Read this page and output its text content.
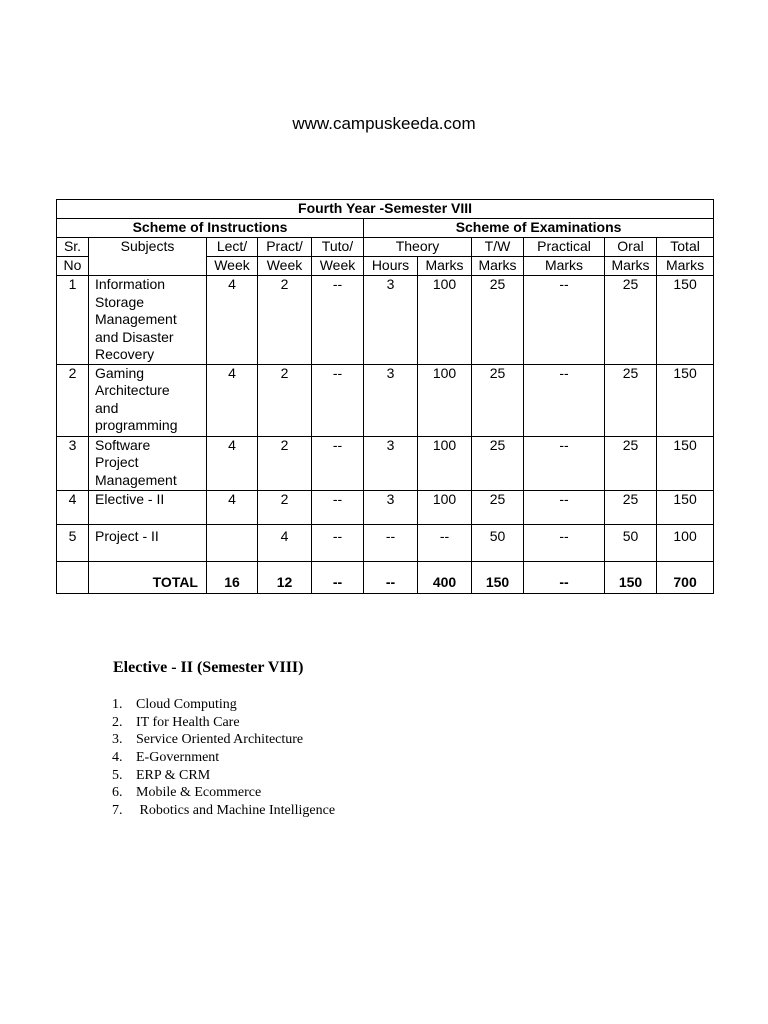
www.campuskeeda.com
Fourth Year -Semester VIII										
Scheme of Instructions					Scheme of Examinations					
Sr.	Subjects	Lect/	Pract/	Tuto/	Theory		T/W	Practical	Oral	Total
No		Week	Week	Week	Hours	Marks	Marks	Marks	Marks	Marks
1	Information
Storage
Management
and Disaster
Recovery	4	2	--	3	100	25	--	25	150
2	Gaming
Architecture
and
programming	4	2	--	3	100	25	--	25	150
3	Software
Project
Management	4	2	--	3	100	25	--	25	150
4	Elective - II	4	2	--	3	100	25	--	25	150
5	Project - II		4	--	--	--	50	--	50	100
	TOTAL	16	12	--	--	400	150	--	150	700
Elective - II (Semester VIII)
1. Cloud Computing
2. IT for Health Care
3. Service Oriented Architecture
4. E-Government
5. ERP & CRM
6. Mobile & Ecommerce
7. Robotics and Machine Intelligence
